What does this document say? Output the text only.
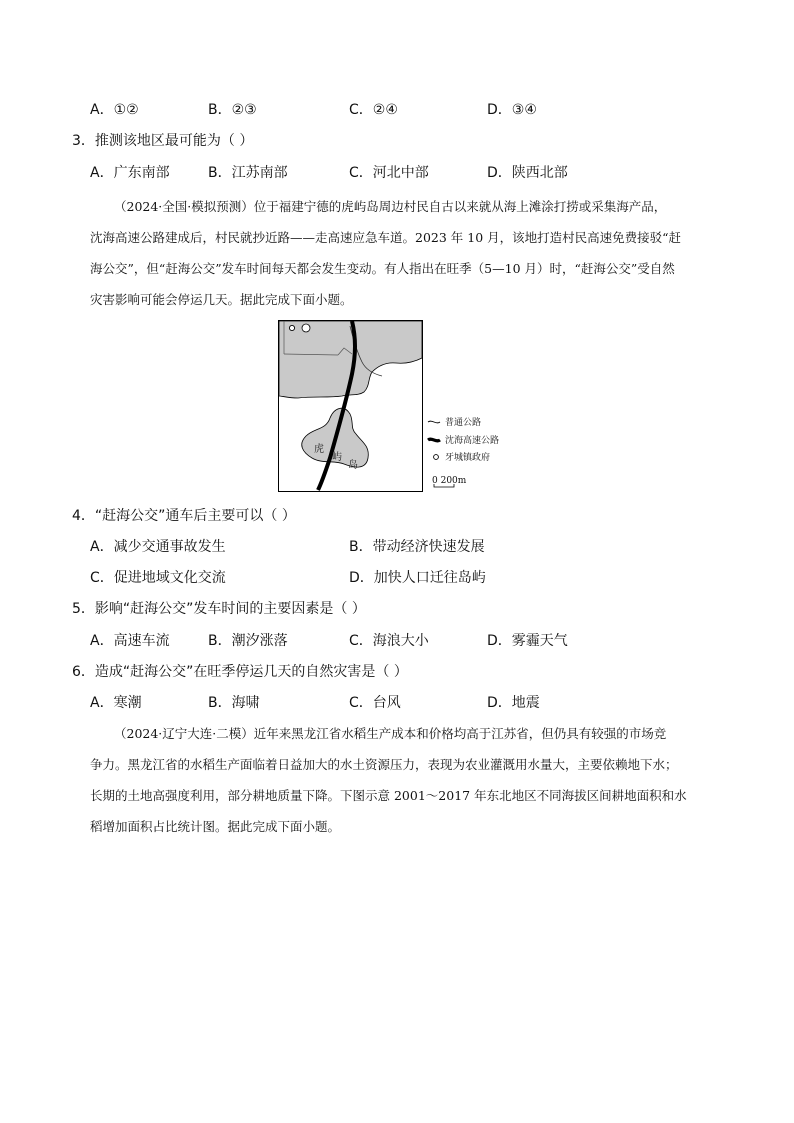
A．①②	B．②③	C．②④	D．③④
3．推测该地区最可能为（ ）
A．广东南部	B．江苏南部	C．河北中部	D．陕西北部
（2024·全国·模拟预测）位于福建宁德的虎屿岛周边村民自古以来就从海上滩涂打捞或采集海产品，
沈海高速公路建成后，村民就抄近路——走高速应急车道。2023 年 10 月，该地打造村民高速免费接驳“赶
海公交”，但“赶海公交”发车时间每天都会发生变动。有人指出在旺季（5—10 月）时，“赶海公交”受自然
灾害影响可能会停运几天。据此完成下面小题。
虎
屿
岛
普通公路
沈海高速公路
牙城镇政府
0 200m
4．“赶海公交”通车后主要可以（ ）
A．减少交通事故发生	B．带动经济快速发展
C．促进地域文化交流	D．加快人口迁往岛屿
5．影响“赶海公交”发车时间的主要因素是（ ）
A．高速车流	B．潮汐涨落	C．海浪大小	D．雾霾天气
6．造成“赶海公交”在旺季停运几天的自然灾害是（ ）
A．寒潮	B．海啸	C．台风	D．地震
（2024·辽宁大连·二模）近年来黑龙江省水稻生产成本和价格均高于江苏省，但仍具有较强的市场竞
争力。黑龙江省的水稻生产面临着日益加大的水土资源压力，表现为农业灌溉用水量大，主要依赖地下水；
长期的土地高强度利用，部分耕地质量下降。下图示意 2001～2017 年东北地区不同海拔区间耕地面积和水
稻增加面积占比统计图。据此完成下面小题。
